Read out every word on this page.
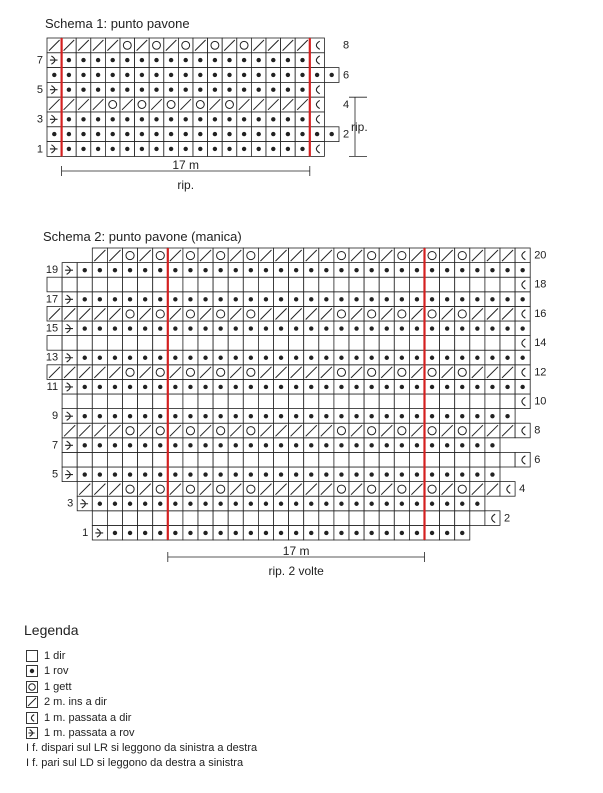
Schema 1: punto pavone
7
5
3
1
8
6
4
2
17 m
rip.
rip.
Schema 2: punto pavone (manica)
19
17
15
13
11
9
7
5
3
1
20
18
16
14
12
10
8
6
4
2
17 m
rip. 2 volte
Legenda
1 dir
1 rov
1 gett
2 m. ins a dir
1 m. passata a dir
1 m. passata a rov
I f. dispari sul LR si leggono da sinistra a destra
I f. pari sul LD si leggono da destra a sinistra
